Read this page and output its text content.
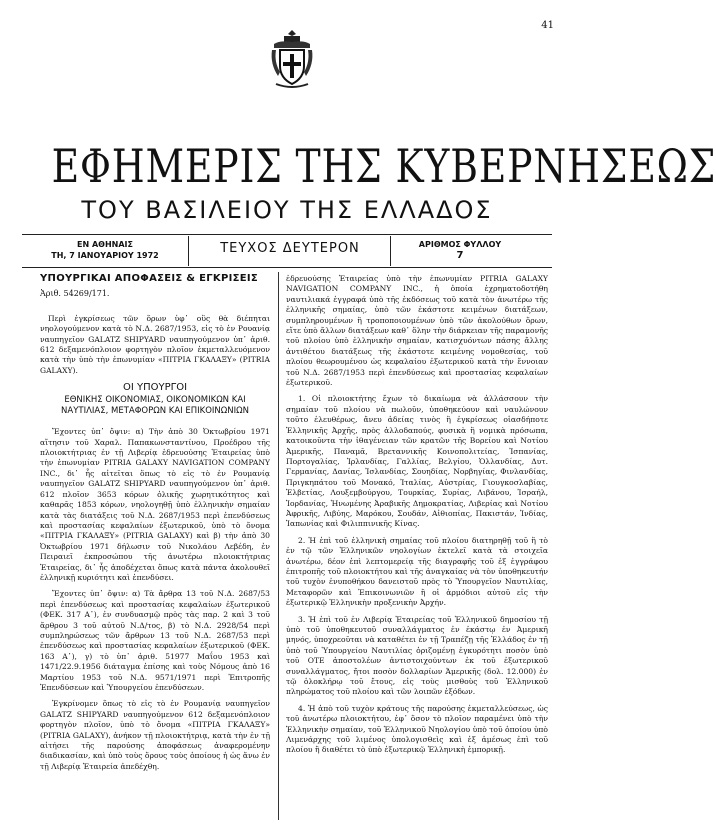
41
ΕΦΗΜΕΡΙΣ ΤΗΣ ΚΥΒΕΡΝΗΣΕΩΣ
ΤΟΥ ΒΑΣΙΛΕΙΟΥ ΤΗΣ ΕΛΛΑΔΟΣ
ΕΝ ΑΘΗΝΑΙΣ
ΤΗ, 7 ΙΑΝΟΥΑΡΙΟΥ 1972	ΤΕΥΧΟΣ ΔΕΥΤΕΡΟΝ	ΑΡΙΘΜΟΣ ΦΥΛΛΟΥ
7
ΥΠΟΥΡΓΙΚΑΙ ΑΠΟΦΑΣΕΙΣ & ΕΓΚΡΙΣΕΙΣ
Ἀριθ. 54269/171.

Περὶ ἐγκρίσεως τῶν ὅρων ὑφ᾽ οὓς θὰ διέπηται νηολογούμενον κατὰ τὸ Ν.Δ. 2687/1953, εἰς τὸ ἐν Ρουανίᾳ ναυπηγεῖον GALATZ SHIPYARD ναυπηγούμενον ὑπ᾽ ἀριθ. 612 δεξαμενόπλοιον φορτηγὸν πλοῖον ἐκμεταλλευόμενον κατὰ τὴν ὑπὸ τὴν ἐπωνυμίαν «ΠΙΤΡΙΑ ΓΚΑΛΑΞΥ» (PITRIA GALAXY).

ΟΙ ΥΠΟΥΡΓΟΙ
ΕΘΝΙΚΗΣ ΟΙΚΟΝΟΜΙΑΣ, ΟΙΚΟΝΟΜΙΚΩΝ ΚΑΙ ΝΑΥΤΙΛΙΑΣ, ΜΕΤΑΦΟΡΩΝ ΚΑΙ ΕΠΙΚΟΙΝΩΝΙΩΝ

Ἔχοντες ὑπ᾽ ὄψιν: α) Τὴν ἀπὸ 30 Ὀκτωβρίου 1971 αἴτησιν τοῦ Χαραλ. Παπακωνσταντίνου, Προέδρου τῆς πλοιοκτήτριας ἐν τῇ Λιβερίᾳ ἑδρευούσης Ἑταιρείας ὑπὸ τὴν ἐπωνυμίαν PITRIA GALAXY NAVIGATION COMPANY INC., δι᾽ ἧς αἰτεῖται ὅπως τὸ εἰς τὸ ἐν Ρουμανίᾳ ναυπηγεῖον GALATZ SHIPYARD ναυπηγούμενον ὑπ᾽ ἀριθ. 612 πλοῖον 3653 κόρων ὁλικῆς χωρητικότητος καὶ καθαρᾶς 1853 κόρων, νηολογηθῇ ὑπὸ ἑλληνικὴν σημαίαν κατὰ τὰς διατάξεις τοῦ Ν.Δ. 2687/1953 περὶ ἐπενδύσεως καὶ προστασίας κεφαλαίων ἐξωτερικοῦ, ὑπὸ τὸ ὄνομα «ΠΙΤΡΙΑ ΓΚΑΛΑΞΥ» (PITRIA GALAXY) καὶ β) τὴν ἀπὸ 30 Ὀκτωβρίου 1971 δήλωσιν τοῦ Νικολάου Λεβέδη, ἐν Πειραιεῖ ἐκπροσώπου τῆς ἀνωτέρω πλοιοκτήτριας Ἑταιρείας, δι᾽ ἧς ἀποδέχεται ὅπως κατὰ πάντα ἀκολουθεῖ ἐλληνικῇ κυριότητι καὶ ἐπενδύσει.

Ἔχοντες ὑπ᾽ ὄψιν: α) Τὰ ἄρθρα 13 τοῦ Ν.Δ. 2687/53 περὶ ἐπενδύσεως καὶ προστασίας κεφαλαίων ἐξωτερικοῦ (ΦΕΚ. 317 Α᾽), ἐν συνδυασμῷ πρὸς τὰς παρ. 2 καὶ 3 τοῦ ἄρθρου 3 τοῦ αὐτοῦ Ν.Δ/τος, β) τὸ Ν.Δ. 2928/54 περὶ συμπληρώσεως τῶν ἄρθρων 13 τοῦ Ν.Δ. 2687/53 περὶ ἐπενδύσεως καὶ προστασίας κεφαλαίων ἐξωτερικοῦ (ΦΕΚ. 163 Α᾽), γ) τὸ ὑπ᾽ ἀριθ. 51977 Μαΐου 1953 καὶ 1471/22.9.1956 διάταγμα ἐπίσης καὶ τοὺς Νόμους ἀπὸ 16 Μαρτίου 1953 τοῦ Ν.Δ. 9571/1971 περὶ Ἐπιτροπῆς Ἐπενδύσεων καὶ Ὑπουργείου ἐπενδύσεων.

Ἐγκρίνομεν ὅπως τὸ εἰς τὸ ἐν Ρουμανίᾳ ναυπηγεῖον GALATZ SHIPYARD ναυπηγούμενον 612 δεξαμενόπλοιον φορτηγὸν πλοῖον, ὑπὸ τὸ ὄνομα «ΠΙΤΡΙΑ ΓΚΑΛΑΞΥ» (PITRIA GALAXY), ἀνήκον τῇ πλοιοκτήτριᾳ, κατὰ τὴν ἐν τῇ αἰτήσει τῆς παρούσης ἀποφάσεως ἀναφερομένην διαδικασίαν, καὶ ὑπὸ τοὺς ὅρους τοὺς ὁποίους ἡ ὡς ἄνω ἐν τῇ Λιβερίᾳ Ἑταιρεία ἀπεδέχθη.

ἐδρευούσης Ἑταιρείας ὑπὸ τὴν ἐπωνυμίαν PITRIA GALAXY NAVIGATION COMPANY INC., ἡ ὁποία ἐχρηματοδοτήθη ναυτιλιακά ἐγγραφά ὑπὸ τῆς ἐκδόσεως τοῦ κατὰ τὸν ἀνωτέρω τῆς ἑλληνικῆς σημαίας, ὑπὸ τῶν ἐκάστοτε κειμένων διατάξεων, συμπληρουμένων ἢ τροποποιουμένων ὑπὸ τῶν ἀκολούθων ὅρων, εἴτε ὑπὸ ἄλλων διατάξεων καθ᾽ ὅλην τὴν διάρκειαν τῆς παραμονῆς τοῦ πλοίου ὑπὸ ἑλληνικὴν σημαίαν, κατισχυόντων πάσης ἄλλης ἀντιθέτου διατάξεως τῆς ἑκάστοτε κειμένης νομοθεσίας, τοῦ πλοίου θεωρουμένου ὡς κεφαλαίου ἐξωτερικοῦ κατὰ τὴν ἔννοιαν τοῦ Ν.Δ. 2687/1953 περὶ ἐπενδύσεως καὶ προστασίας κεφαλαίων ἐξωτερικοῦ.

1. Οἱ πλοιοκτήτης ἔχων τὸ δικαίωμα νὰ ἀλλάσσουν τὴν σημαίαν τοῦ πλοίου νὰ πωλοῦν, ὑποθηκεύουν καὶ ναυλώνουν τοῦτο ἐλευθέρως, ἄνευ ἀδείας τινὸς ἢ ἐγκρίσεως οἱασδήποτε Ἑλληνικῆς Ἀρχῆς, πρὸς ἀλλοδαπούς, φυσικὰ ἢ νομικὰ πρόσωπα, κατοικοῦντα τὴν ἰθαγένειαν τῶν κρατῶν τῆς Βορείου καὶ Νοτίου Ἀμερικῆς, Παναμᾶ, Βρεταννικῆς Κοινοπολιτείας, Ἰσπανίας, Πορτογαλίας, Ἰρλανδίας, Γαλλίας, Βελγίου, Ὁλλανδίας, Δυτ. Γερμανίας, Δανίας, Ἰσλανδίας, Σουηδίας, Νορβηγίας, Φινλανδίας, Πριγκηπάτου τοῦ Μονακό, Ἰταλίας, Αὐστρίας, Γιουγκοσλαβίας, Ἑλβετίας, Λουξεμβούργου, Τουρκίας, Συρίας, Λιβάνου, Ἰσραήλ, Ἰορδανίας, Ἡνωμένης Ἀραβικῆς Δημοκρατίας, Λιβερίας καὶ Νοτίου Ἀφρικῆς, Λιβύης, Μαρόκου, Σουδάν, Αἰθιοπίας, Πακιστάν, Ἰνδίας, Ἰαπωνίας καὶ Φιλιππινικῆς Κίνας.

2. Ἡ ἐπὶ τοῦ ἑλληνικὴ σημαίας τοῦ πλοίου διατηρηθῇ τοῦ ἢ τὸ ἐν τῷ τῶν Ἑλληνικῶν νηολογίων ἐκτελεῖ κατὰ τὰ στοιχεῖα ἀνωτέρω, δέον ἐπὶ λεπτομερείᾳ τῆς διαγραφῆς τοῦ ἐξ ἐγγράφου ἐπιτροπῆς τοῦ πλοιοκτήτου καὶ τῆς ἀναγκαίας νὰ τὸν ὑποθηκευτήν τοῦ τυχὸν ἐνυποθήκου δανειστοῦ πρὸς τὸ Ὑπουργεῖον Ναυτιλίας, Μεταφορῶν καὶ Ἐπικοινωνιῶν ἢ οἱ ἁρμόδιοι αὐτοῦ εἰς τὴν ἐξωτερικῷ Ἑλληνικὴν προξενικὴν Ἀρχήν.

3. Ἡ ἐπὶ τοῦ ἐν Λιβερίᾳ Ἑταιρείας τοῦ Ἑλληνικοῦ δημοσίου τῇ ὑπὸ τοῦ ὑποθηκευτοῦ συναλλάγματος ἐν ἐκάστῳ ἐν Ἀμερικῆ μηνός, ὑποχρεοῦται νὰ καταθέτει ἐν τῇ Τραπέζῃ τῆς Ἑλλάδος ἐν τῇ ὑπὸ τοῦ Ὑπουργείου Ναυτιλίας ὁριζομένῃ ἐγκυρότητι ποσὸν ὑπὸ τοῦ ΟΤΕ ἀποστολέων ἀντιστοιχούντων ἐκ τοῦ ἐξωτερικοῦ συναλλάγματος, ἤτοι ποσὸν δολλαρίων Ἀμερικῆς (δολ. 12.000) ἐν τῷ ὁλοκλήρῳ τοῦ ἔτους, εἰς τοὺς μισθοὺς τοῦ Ἑλληνικοῦ πληρώματος τοῦ πλοίου καὶ τῶν λοιπῶν ἐξόδων.

4. Ἡ ἀπὸ τοῦ τυχὸν κράτους τῆς παρούσης ἐκμεταλλεύσεως, ὡς τοῦ ἀνωτέρω πλοιοκτήτου, ἐφ᾽ ὅσον τὸ πλοῖον παραμένει ὑπὸ τὴν Ἑλληνικὴν σημαίαν, τοῦ Ἑλληνικοῦ Νηολογίου ὑπὸ τοῦ ὁποίου ὑπὸ Λιμενάρχης τοῦ λιμένος ὑπολογισθεὶς καὶ ἐξ ἀμέσως ἐπὶ τοῦ πλοίου ἢ διαθέτει τὸ ὑπὸ ἐξωτερικῷ Ἑλληνικὴ ἐμπορικῇ.
